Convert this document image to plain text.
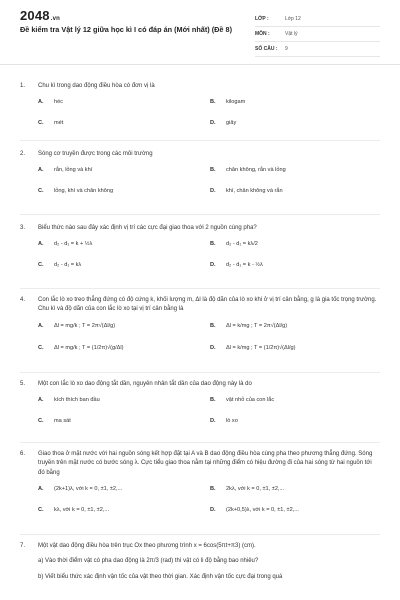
2048.vn
Đề kiểm tra Vật lý 12 giữa học kì I có đáp án (Mới nhất) (Đề 8)
LỚP :	Lớp 12
MÔN :	Vật lý
SỐ CÂU :	9
1.	Chu kì trong dao động điều hòa có đơn vị là
A.	héc	B.	kilogam
C.	mét	D.	giây
2.	Sóng cơ truyền được trong các môi trường
A.	rắn, lỏng và khí	B.	chân không, rắn và lỏng
C.	lỏng, khí và chân không	D.	khí, chân không và rắn
3.	Biểu thức nào sau đây xác định vị trí các cực đại giao thoa với 2 nguồn cùng pha?
A.	d₂ - d₁ = k + ½λ	B.	d₂ - d₁ = kλ/2
C.	d₂ - d₁ = kλ	D.	d₂ - d₁ = k - ½λ
4.	Con lắc lò xo treo thẳng đứng có độ cứng k, khối lượng m, Δl là độ dãn của lò xo khi ở vị trí cân bằng, g là gia tốc trọng trường. Chu kì và độ dãn của con lắc lò xo tại vị trí cân bằng là
A.	Δl = mg/k ; T = 2π√(Δl/g)	B.	Δl = k/mg ; T = 2π√(Δl/g)
C.	Δl = mg/k ; T = (1/2π)√(g/Δl)	D.	Δl = k/mg ; T = (1/2π)√(Δl/g)
5.	Một con lắc lò xo dao động tắt dần, nguyên nhân tắt dần của dao động này là do
A.	kích thích ban đầu	B.	vật nhỏ của con lắc
C.	ma sát	D.	lò xo
6.	Giao thoa ở mặt nước với hai nguồn sóng kết hợp đặt tại A và B dao động điều hòa cùng pha theo phương thẳng đứng. Sóng truyền trên mặt nước có bước sóng λ. Cực tiểu giao thoa nằm tại những điểm có hiệu đường đi của hai sóng từ hai nguồn tới đó bằng
A.	(2k+1)λ, với k = 0, ±1, ±2,...	B.	2kλ, với k = 0, ±1, ±2,...
C.	kλ, với k = 0, ±1, ±2,...	D.	(2k+0,5)λ, với k = 0, ±1, ±2,...
7.	Một vật dao động điều hòa trên trục Ox theo phương trình x = 6cos(5πt+π3) (cm).
a) Vào thời điểm vật có pha dao động là 2π/3 (rad) thì vật có li độ bằng bao nhiêu?
b) Viết biểu thức xác định vận tốc của vật theo thời gian. Xác định vận tốc cực đại trong quá
